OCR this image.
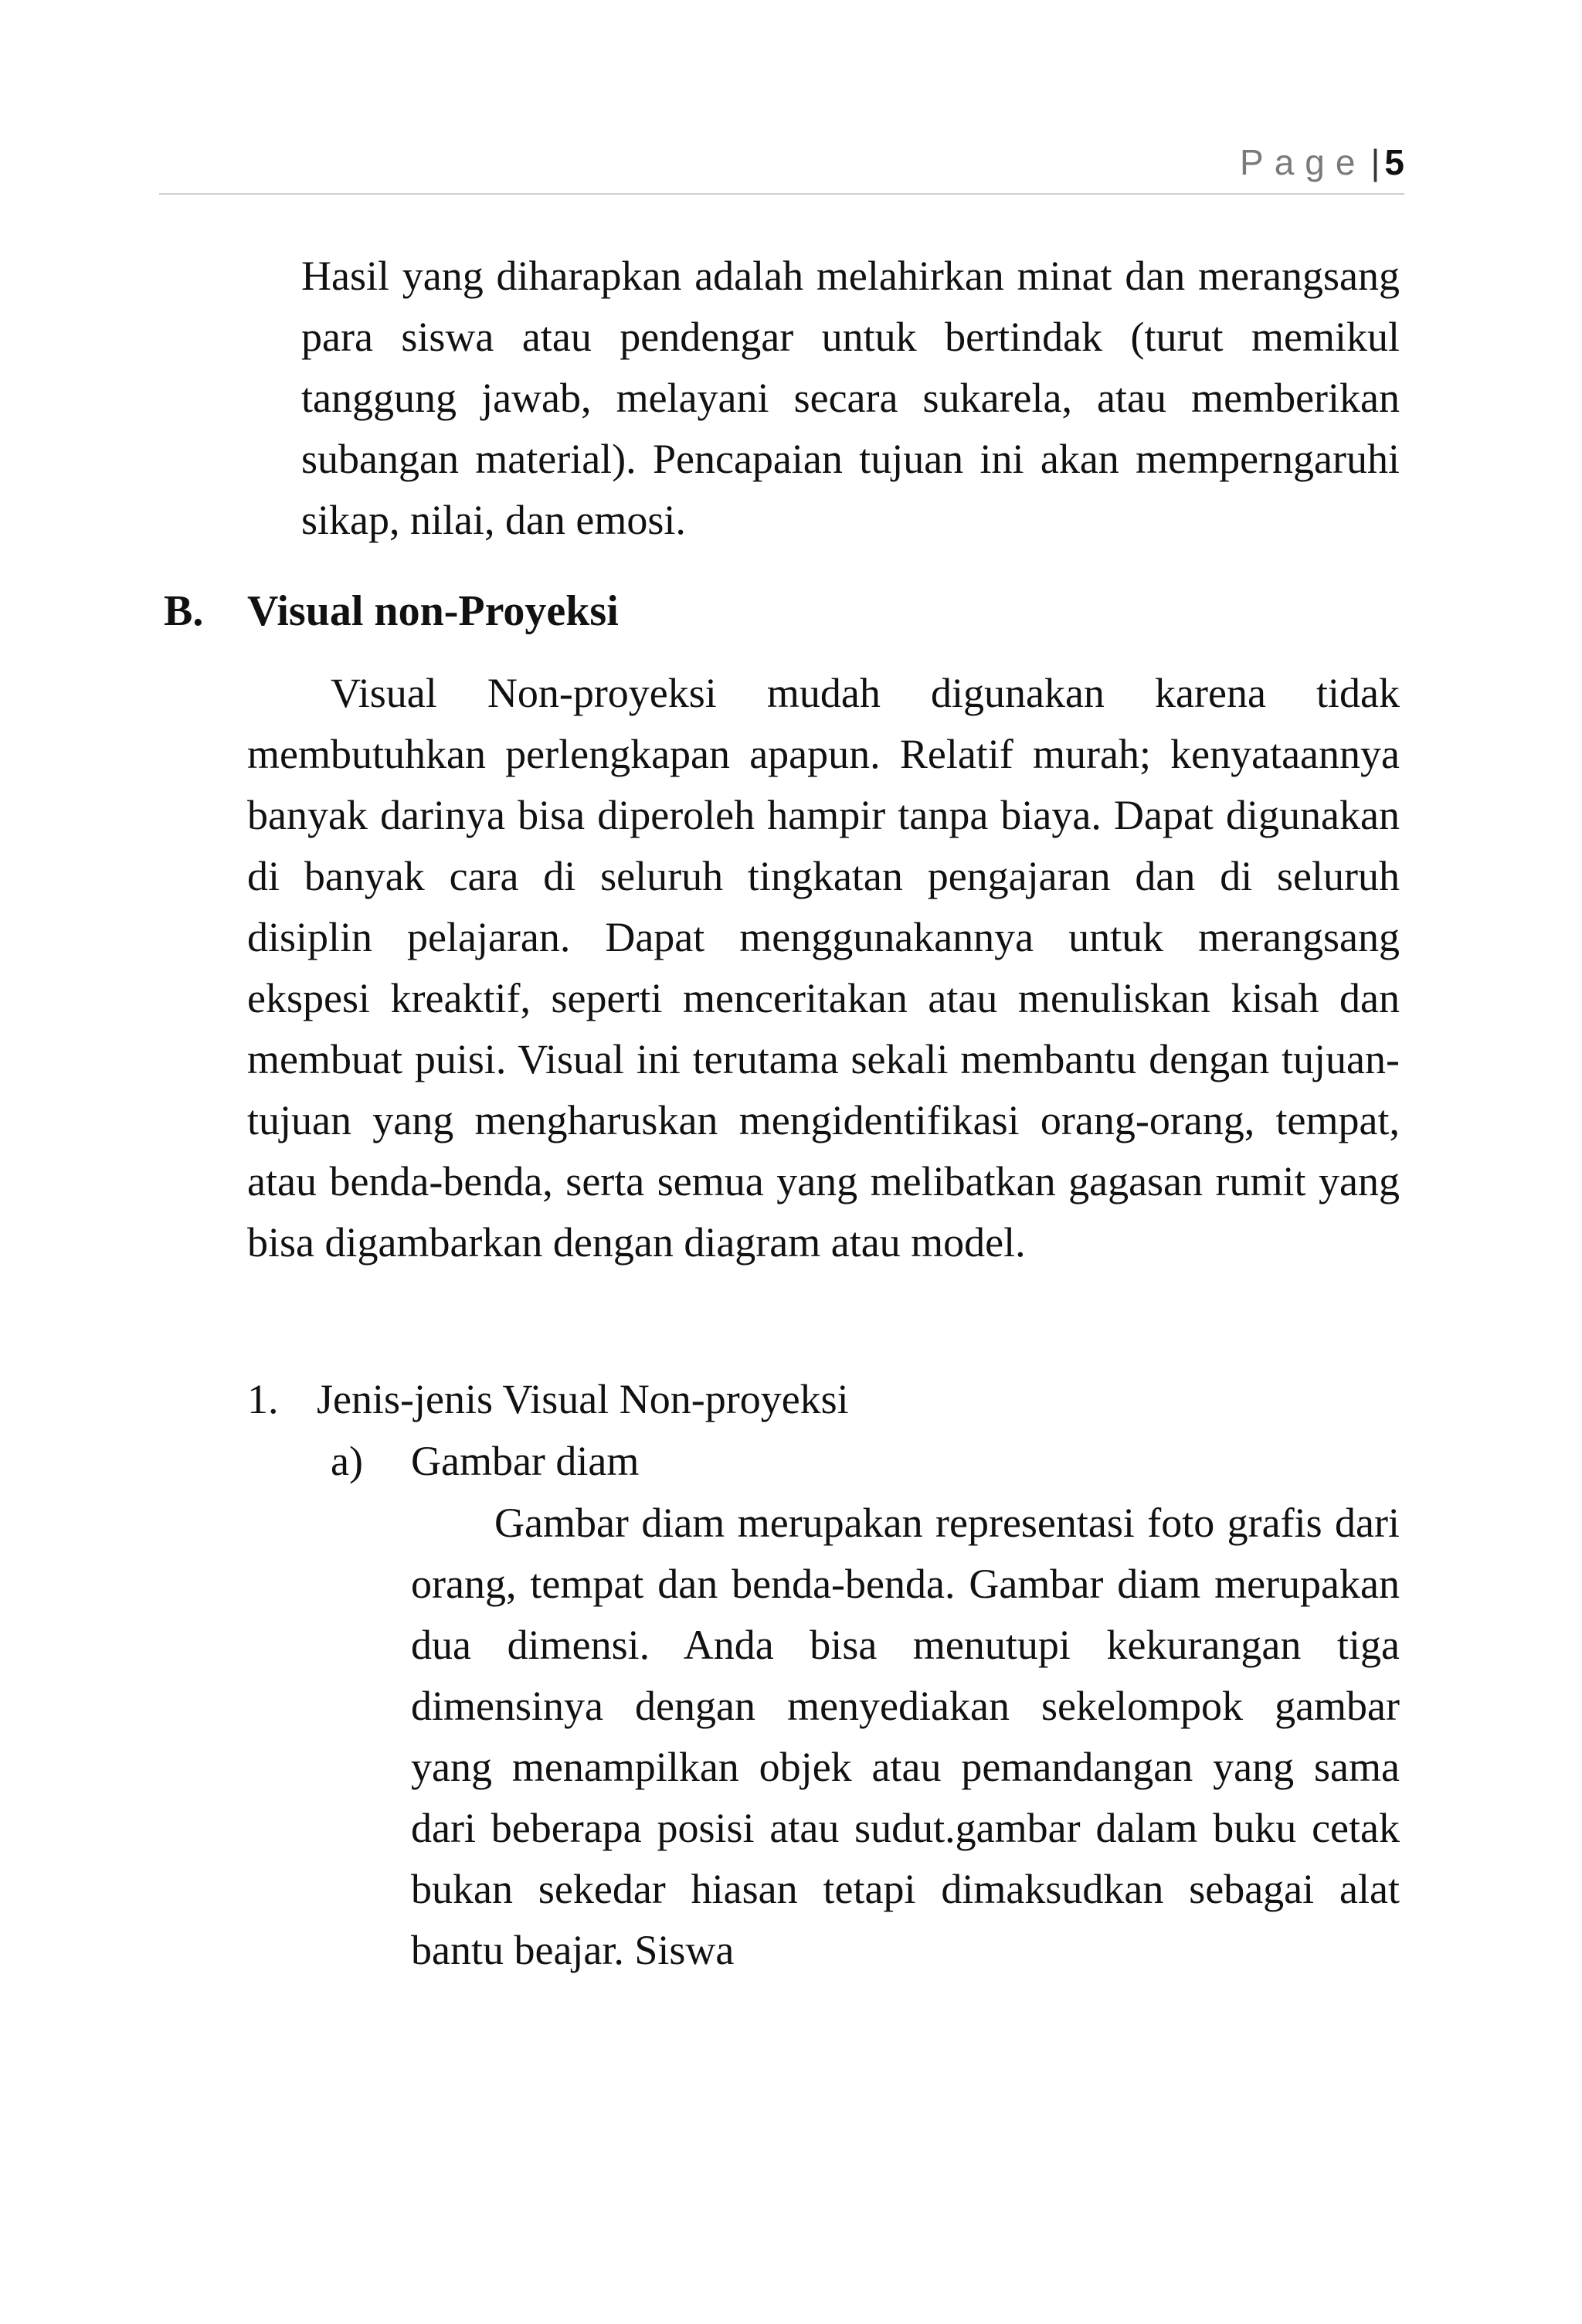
Page | 5

Hasil yang diharapkan adalah melahirkan minat dan merangsang para siswa atau pendengar untuk bertindak (turut memikul tanggung jawab, melayani secara sukarela, atau memberikan subangan material). Pencapaian tujuan ini akan memperngaruhi sikap, nilai, dan emosi.

B. Visual non-Proyeksi

Visual Non-proyeksi mudah digunakan karena tidak membutuhkan perlengkapan apapun. Relatif murah; kenyataannya banyak darinya bisa diperoleh hampir tanpa biaya. Dapat digunakan di banyak cara di seluruh tingkatan pengajaran dan di seluruh disiplin pelajaran. Dapat menggunakannya untuk merangsang ekspesi kreaktif, seperti menceritakan atau menuliskan kisah dan membuat puisi. Visual ini terutama sekali membantu dengan tujuan-tujuan yang mengharuskan mengidentifikasi orang-orang, tempat, atau benda-benda, serta semua yang melibatkan gagasan rumit yang bisa digambarkan dengan diagram atau model.

1. Jenis-jenis Visual Non-proyeksi
a) Gambar diam

Gambar diam merupakan representasi foto grafis dari orang, tempat dan benda-benda. Gambar diam merupakan dua dimensi. Anda bisa menutupi kekurangan tiga dimensinya dengan menyediakan sekelompok gambar yang menampilkan objek atau pemandangan yang sama dari beberapa posisi atau sudut.gambar dalam buku cetak bukan sekedar hiasan tetapi dimaksudkan sebagai alat bantu beajar. Siswa
